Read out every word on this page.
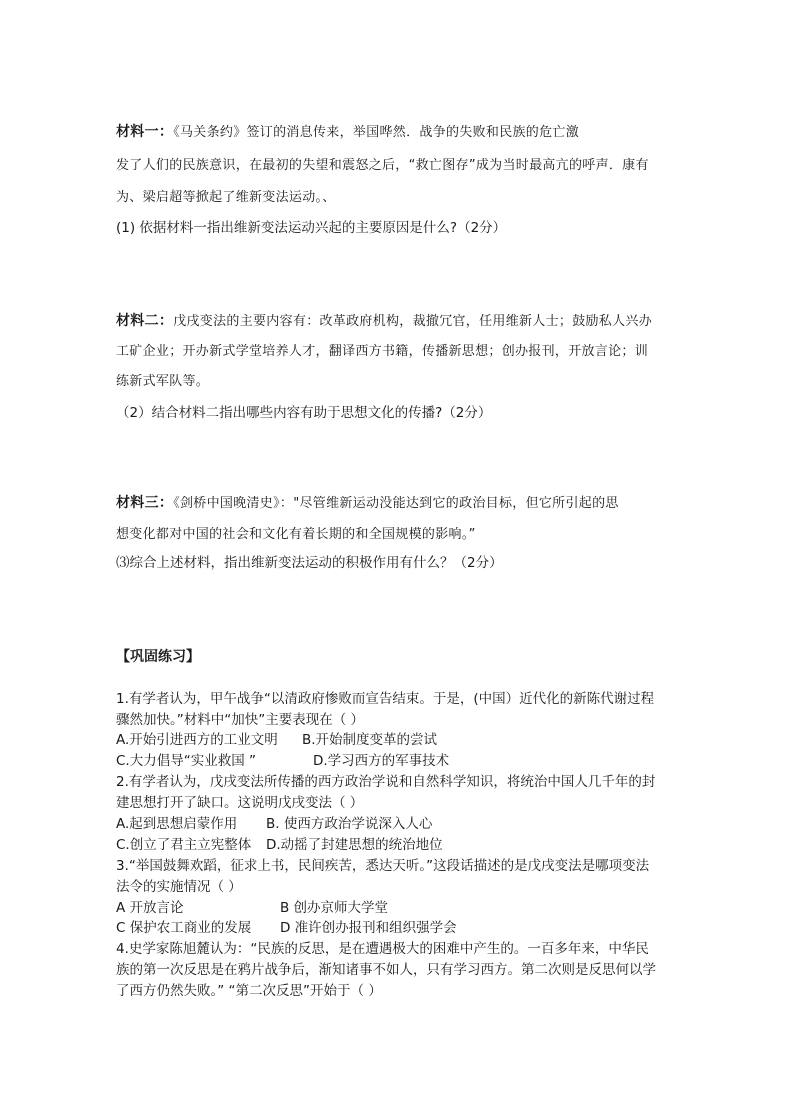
材料一：《马关条约》签订的消息传来，举国哗然．战争的失败和民族的危亡激
发了人们的民族意识，在最初的失望和震怒之后，“救亡图存”成为当时最高亢的呼声．康有
为、梁启超等掀起了维新变法运动。、
(1) 依据材料一指出维新变法运动兴起的主要原因是什么?（2分）
材料二：戊戌变法的主要内容有：改革政府机构，裁撤冗官，任用维新人士；鼓励私人兴办
工矿企业；开办新式学堂培养人才，翻译西方书籍，传播新思想；创办报刊，开放言论；训
练新式军队等。
（2）结合材料二指出哪些内容有助于思想文化的传播?（2分）
材料三：《剑桥中国晚清史》："尽管维新运动没能达到它的政治目标，但它所引起的思
想变化都对中国的社会和文化有着长期的和全国规模的影响。”
⑶综合上述材料，指出维新变法运动的积极作用有什么？（2分）
【巩固练习】
1.有学者认为，甲午战争“以清政府惨败而宣告结束。于是，(中国）近代化的新陈代谢过程
骤然加快。”材料中“加快”主要表现在（ ）
A.开始引进西方的工业文明 B.开始制度变革的尝试
C.大力倡导“实业救国 ”	D.学习西方的军事技术
2.有学者认为，戊戌变法所传播的西方政治学说和自然科学知识，将统治中国人几千年的封
建思想打开了缺口。这说明戊戌变法（ ）
A.起到思想启蒙作用 B. 使西方政治学说深入人心
C.创立了君主立宪整体 D.动摇了封建思想的统治地位
3.“举国鼓舞欢蹈，征求上书，民间疾苦，悉达天听。”这段话描述的是戊戌变法是哪项变法
法令的实施情况（ ）
A 开放言论	B 创办京师大学堂
C 保护农工商业的发展 D 准许创办报刊和组织强学会
4.史学家陈旭麓认为：“民族的反思，是在遭遇极大的困难中产生的。一百多年来，中华民
族的第一次反思是在鸦片战争后，渐知诸事不如人，只有学习西方。第二次则是反思何以学
了西方仍然失败。” “第二次反思”开始于（ ）
